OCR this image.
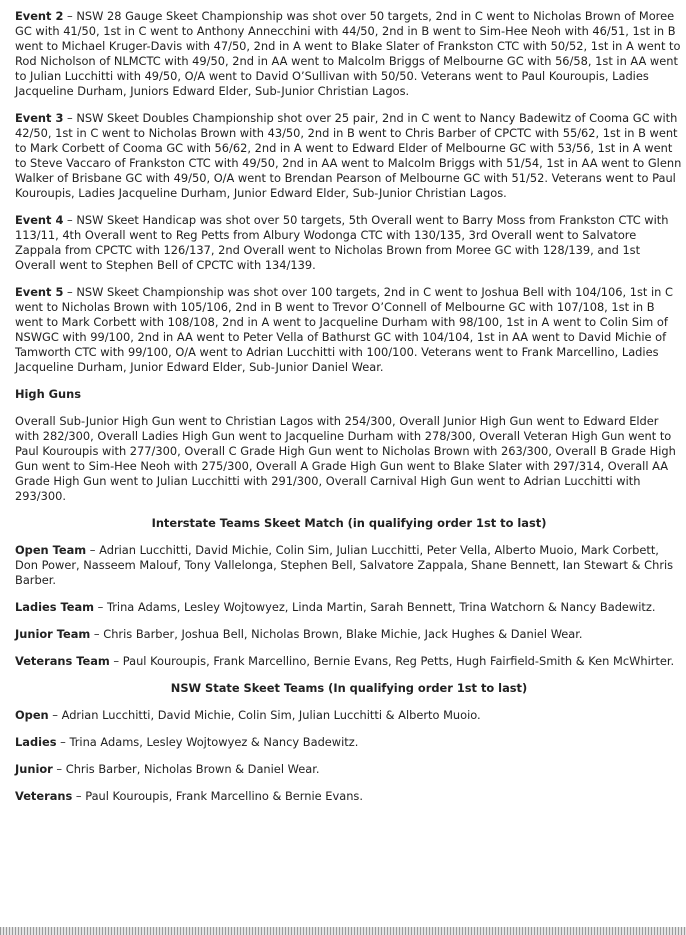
Event 2 – NSW 28 Gauge Skeet Championship was shot over 50 targets, 2nd in C went to Nicholas Brown of Moree GC with 41/50, 1st in C went to Anthony Annecchini with 44/50, 2nd in B went to Sim-Hee Neoh with 46/51, 1st in B went to Michael Kruger-Davis with 47/50, 2nd in A went to Blake Slater of Frankston CTC with 50/52, 1st in A went to Rod Nicholson of NLMCTC with 49/50, 2nd in AA went to Malcolm Briggs of Melbourne GC with 56/58, 1st in AA went to Julian Lucchitti with 49/50, O/A went to David O’Sullivan with 50/50. Veterans went to Paul Kouroupis, Ladies Jacqueline Durham, Juniors Edward Elder, Sub-Junior Christian Lagos.

Event 3 – NSW Skeet Doubles Championship shot over 25 pair, 2nd in C went to Nancy Badewitz of Cooma GC with 42/50, 1st in C went to Nicholas Brown with 43/50, 2nd in B went to Chris Barber of CPCTC with 55/62, 1st in B went to Mark Corbett of Cooma GC with 56/62, 2nd in A went to Edward Elder of Melbourne GC with 53/56, 1st in A went to Steve Vaccaro of Frankston CTC with 49/50, 2nd in AA went to Malcolm Briggs with 51/54, 1st in AA went to Glenn Walker of Brisbane GC with 49/50, O/A went to Brendan Pearson of Melbourne GC with 51/52. Veterans went to Paul Kouroupis, Ladies Jacqueline Durham, Junior Edward Elder, Sub-Junior Christian Lagos.

Event 4 – NSW Skeet Handicap was shot over 50 targets, 5th Overall went to Barry Moss from Frankston CTC with 113/11, 4th Overall went to Reg Petts from Albury Wodonga CTC with 130/135, 3rd Overall went to Salvatore Zappala from CPCTC with 126/137, 2nd Overall went to Nicholas Brown from Moree GC with 128/139, and 1st Overall went to Stephen Bell of CPCTC with 134/139.

Event 5 – NSW Skeet Championship was shot over 100 targets, 2nd in C went to Joshua Bell with 104/106, 1st in C went to Nicholas Brown with 105/106, 2nd in B went to Trevor O’Connell of Melbourne GC with 107/108, 1st in B went to Mark Corbett with 108/108, 2nd in A went to Jacqueline Durham with 98/100, 1st in A went to Colin Sim of NSWGC with 99/100, 2nd in AA went to Peter Vella of Bathurst GC with 104/104, 1st in AA went to David Michie of Tamworth CTC with 99/100, O/A went to Adrian Lucchitti with 100/100. Veterans went to Frank Marcellino, Ladies Jacqueline Durham, Junior Edward Elder, Sub-Junior Daniel Wear.

High Guns

Overall Sub-Junior High Gun went to Christian Lagos with 254/300, Overall Junior High Gun went to Edward Elder with 282/300, Overall Ladies High Gun went to Jacqueline Durham with 278/300, Overall Veteran High Gun went to Paul Kouroupis with 277/300, Overall C Grade High Gun went to Nicholas Brown with 263/300, Overall B Grade High Gun went to Sim-Hee Neoh with 275/300, Overall A Grade High Gun went to Blake Slater with 297/314, Overall AA Grade High Gun went to Julian Lucchitti with 291/300, Overall Carnival High Gun went to Adrian Lucchitti with 293/300.

Interstate Teams Skeet Match (in qualifying order 1st to last)

Open Team – Adrian Lucchitti, David Michie, Colin Sim, Julian Lucchitti, Peter Vella, Alberto Muoio, Mark Corbett, Don Power, Nasseem Malouf, Tony Vallelonga, Stephen Bell, Salvatore Zappala, Shane Bennett, Ian Stewart & Chris Barber.

Ladies Team – Trina Adams, Lesley Wojtowyez, Linda Martin, Sarah Bennett, Trina Watchorn & Nancy Badewitz.

Junior Team – Chris Barber, Joshua Bell, Nicholas Brown, Blake Michie, Jack Hughes & Daniel Wear.

Veterans Team – Paul Kouroupis, Frank Marcellino, Bernie Evans, Reg Petts, Hugh Fairfield-Smith & Ken McWhirter.

NSW State Skeet Teams (In qualifying order 1st to last)

Open – Adrian Lucchitti, David Michie, Colin Sim, Julian Lucchitti & Alberto Muoio.

Ladies – Trina Adams, Lesley Wojtowyez & Nancy Badewitz.

Junior – Chris Barber, Nicholas Brown & Daniel Wear.

Veterans – Paul Kouroupis, Frank Marcellino & Bernie Evans.
